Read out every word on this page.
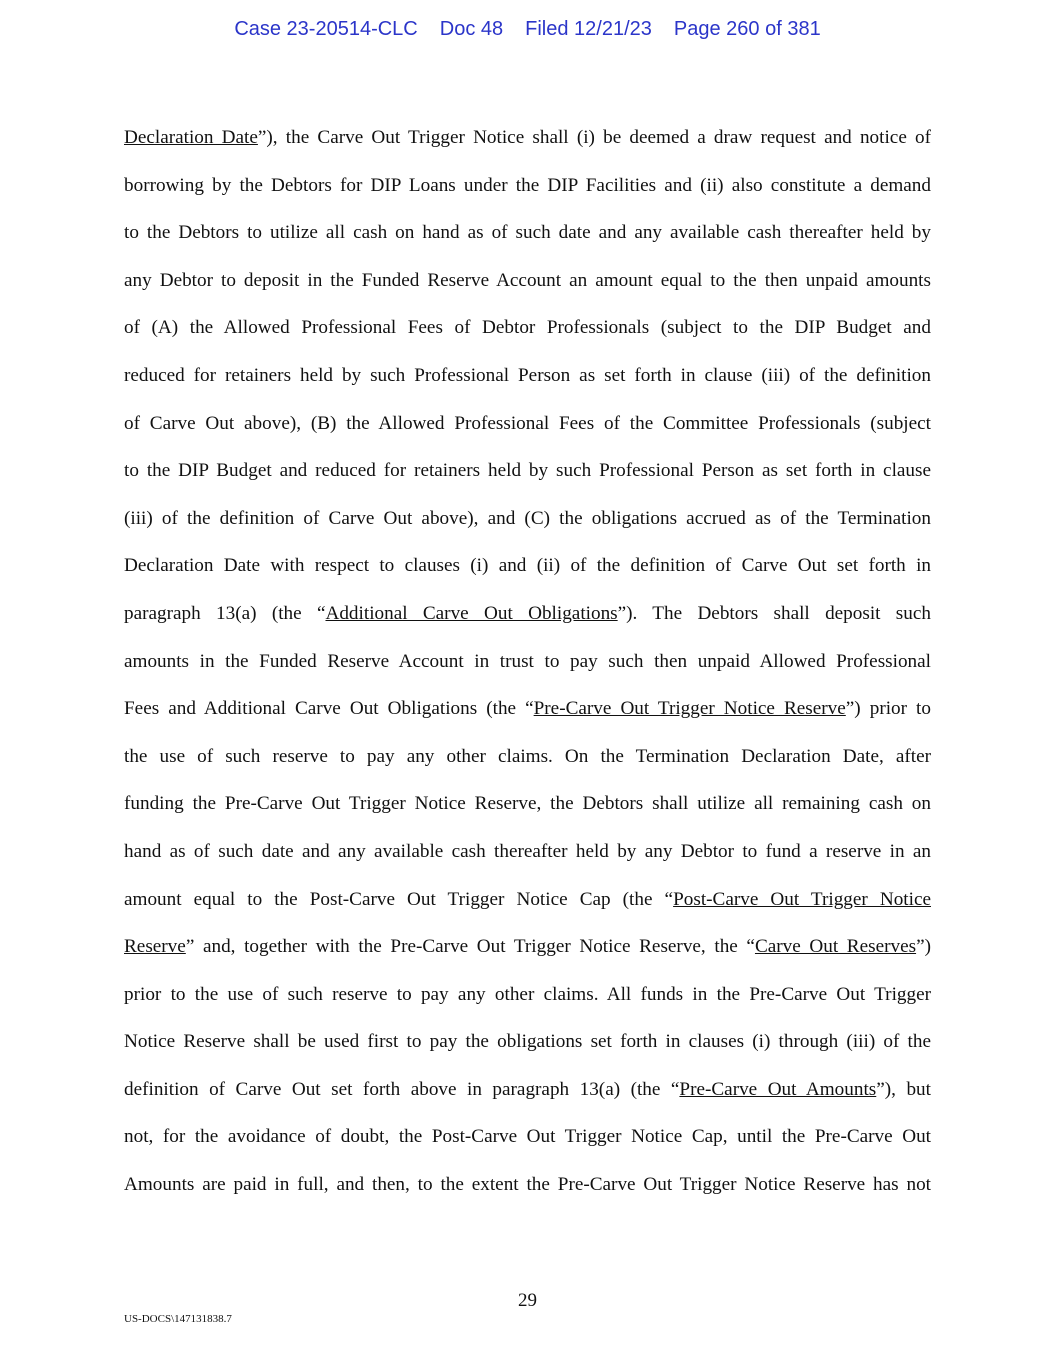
Case 23-20514-CLC Doc 48 Filed 12/21/23 Page 260 of 381
Declaration Date”), the Carve Out Trigger Notice shall (i) be deemed a draw request and notice of
borrowing by the Debtors for DIP Loans under the DIP Facilities and (ii) also constitute a demand
to the Debtors to utilize all cash on hand as of such date and any available cash thereafter held by
any Debtor to deposit in the Funded Reserve Account an amount equal to the then unpaid amounts
of (A) the Allowed Professional Fees of Debtor Professionals (subject to the DIP Budget and
reduced for retainers held by such Professional Person as set forth in clause (iii) of the definition
of Carve Out above), (B) the Allowed Professional Fees of the Committee Professionals (subject
to the DIP Budget and reduced for retainers held by such Professional Person as set forth in clause
(iii) of the definition of Carve Out above), and (C) the obligations accrued as of the Termination
Declaration Date with respect to clauses (i) and (ii) of the definition of Carve Out set forth in
paragraph 13(a) (the “Additional Carve Out Obligations”). The Debtors shall deposit such
amounts in the Funded Reserve Account in trust to pay such then unpaid Allowed Professional
Fees and Additional Carve Out Obligations (the “Pre-Carve Out Trigger Notice Reserve”) prior to
the use of such reserve to pay any other claims. On the Termination Declaration Date, after
funding the Pre-Carve Out Trigger Notice Reserve, the Debtors shall utilize all remaining cash on
hand as of such date and any available cash thereafter held by any Debtor to fund a reserve in an
amount equal to the Post-Carve Out Trigger Notice Cap (the “Post-Carve Out Trigger Notice
Reserve” and, together with the Pre-Carve Out Trigger Notice Reserve, the “Carve Out Reserves”)
prior to the use of such reserve to pay any other claims. All funds in the Pre-Carve Out Trigger
Notice Reserve shall be used first to pay the obligations set forth in clauses (i) through (iii) of the
definition of Carve Out set forth above in paragraph 13(a) (the “Pre-Carve Out Amounts”), but
not, for the avoidance of doubt, the Post-Carve Out Trigger Notice Cap, until the Pre-Carve Out
Amounts are paid in full, and then, to the extent the Pre-Carve Out Trigger Notice Reserve has not
29
US-DOCS\147131838.7
